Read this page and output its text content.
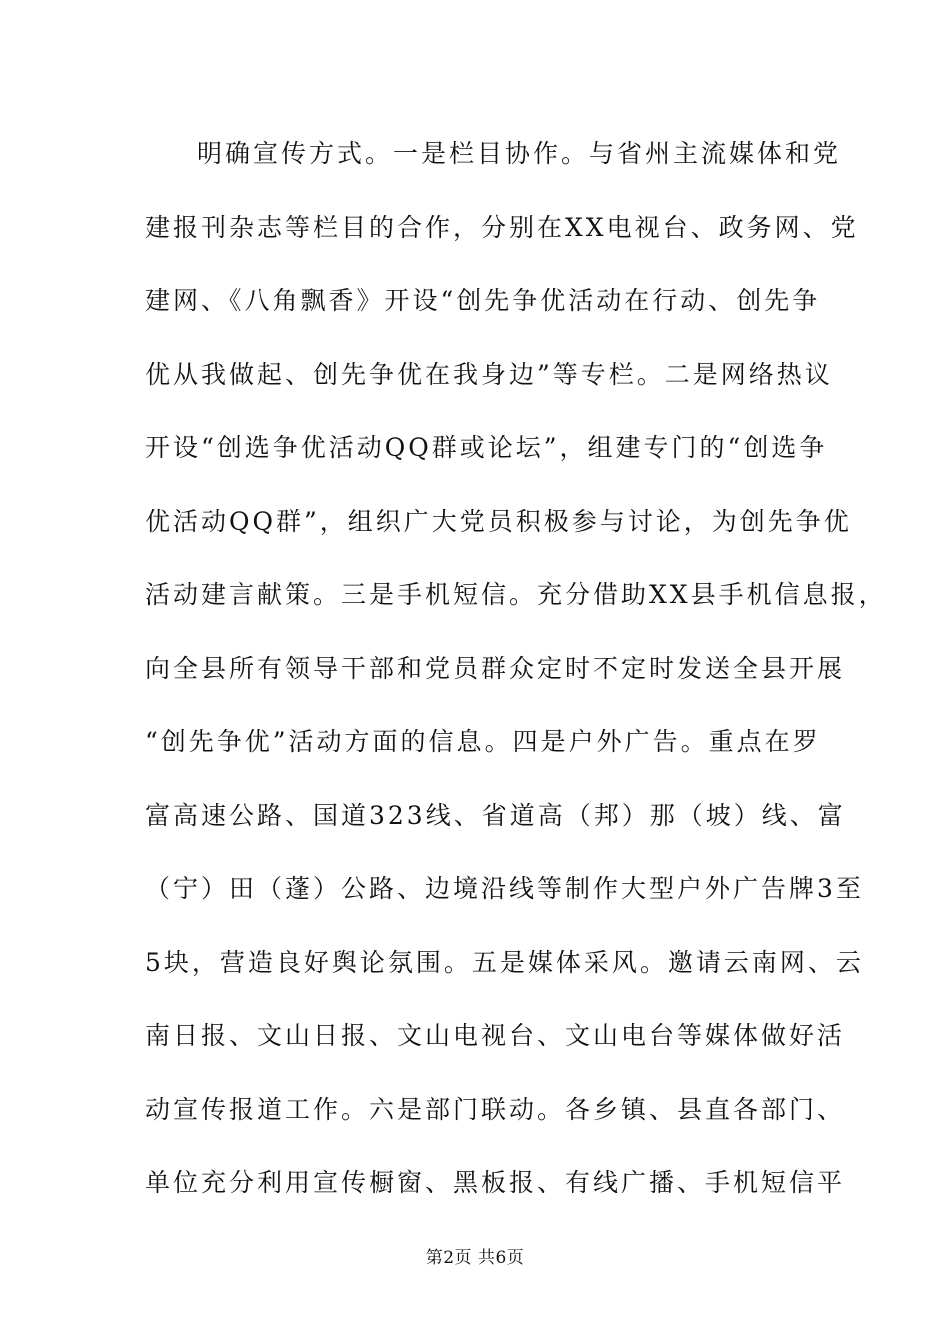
明确宣传方式。一是栏目协作。与省州主流媒体和党
建报刊杂志等栏目的合作，分别在XX电视台、政务网、党
建网、《八角飘香》开设“创先争优活动在行动、创先争
优从我做起、创先争优在我身边”等专栏。二是网络热议
开设“创选争优活动QQ群或论坛”，组建专门的“创选争
优活动QQ群”，组织广大党员积极参与讨论，为创先争优
活动建言献策。三是手机短信。充分借助XX县手机信息报，
向全县所有领导干部和党员群众定时不定时发送全县开展
“创先争优”活动方面的信息。四是户外广告。重点在罗
富高速公路、国道323线、省道高（邦）那（坡）线、富
（宁）田（蓬）公路、边境沿线等制作大型户外广告牌3至
5块，营造良好舆论氛围。五是媒体采风。邀请云南网、云
南日报、文山日报、文山电视台、文山电台等媒体做好活
动宣传报道工作。六是部门联动。各乡镇、县直各部门、
单位充分利用宣传橱窗、黑板报、有线广播、手机短信平
第2页 共6页
